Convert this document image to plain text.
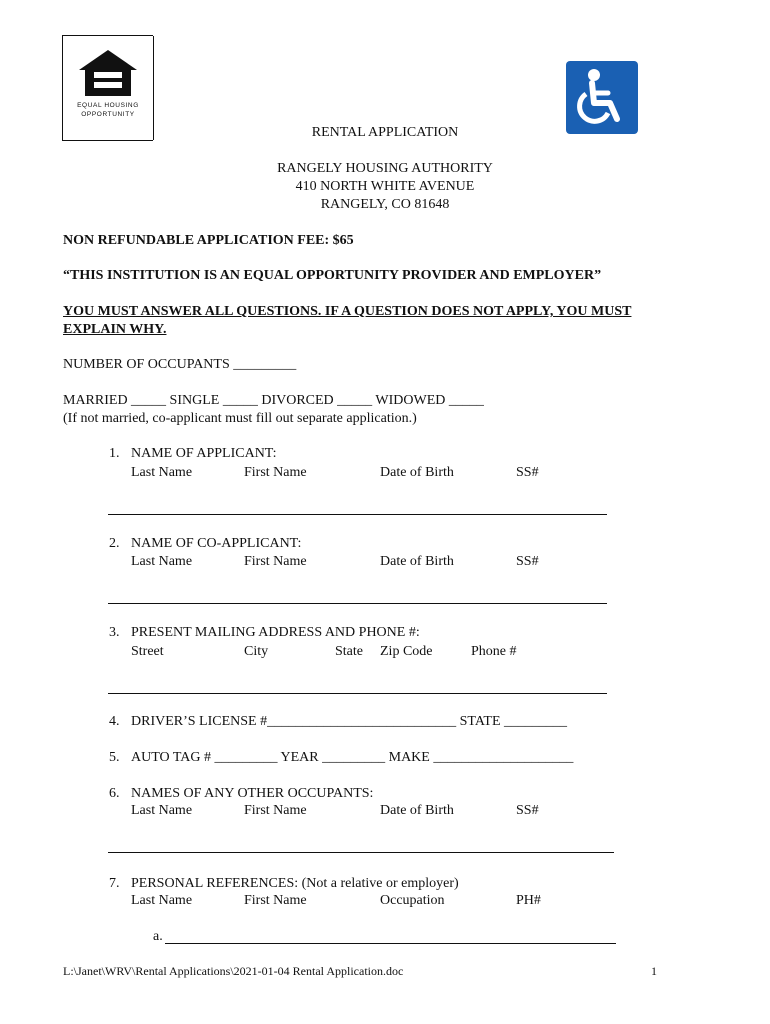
EQUAL HOUSING
OPPORTUNITY
RENTAL APPLICATION
RANGELY HOUSING AUTHORITY
410 NORTH WHITE AVENUE
RANGELY, CO 81648
NON REFUNDABLE APPLICATION FEE: $65
“THIS INSTITUTION IS AN EQUAL OPPORTUNITY PROVIDER AND EMPLOYER”
YOU MUST ANSWER ALL QUESTIONS. IF A QUESTION DOES NOT APPLY, YOU MUST
EXPLAIN WHY.
NUMBER OF OCCUPANTS _________
MARRIED _____ SINGLE _____ DIVORCED _____ WIDOWED _____
(If not married, co-applicant must fill out separate application.)
1. NAME OF APPLICANT:
Last Name	First Name	Date of Birth	SS#
2. NAME OF CO-APPLICANT:
Last Name	First Name	Date of Birth	SS#
3. PRESENT MAILING ADDRESS AND PHONE #:
Street	City	State Zip Code	Phone #
4. DRIVER’S LICENSE #___________________________ STATE _________
5. AUTO TAG # _________ YEAR _________ MAKE ____________________
6. NAMES OF ANY OTHER OCCUPANTS:
Last Name	First Name	Date of Birth	SS#
7. PERSONAL REFERENCES: (Not a relative or employer)
Last Name	First Name	Occupation	PH#
a.
L:\Janet\WRV\Rental Applications\2021-01-04 Rental Application.doc	1
